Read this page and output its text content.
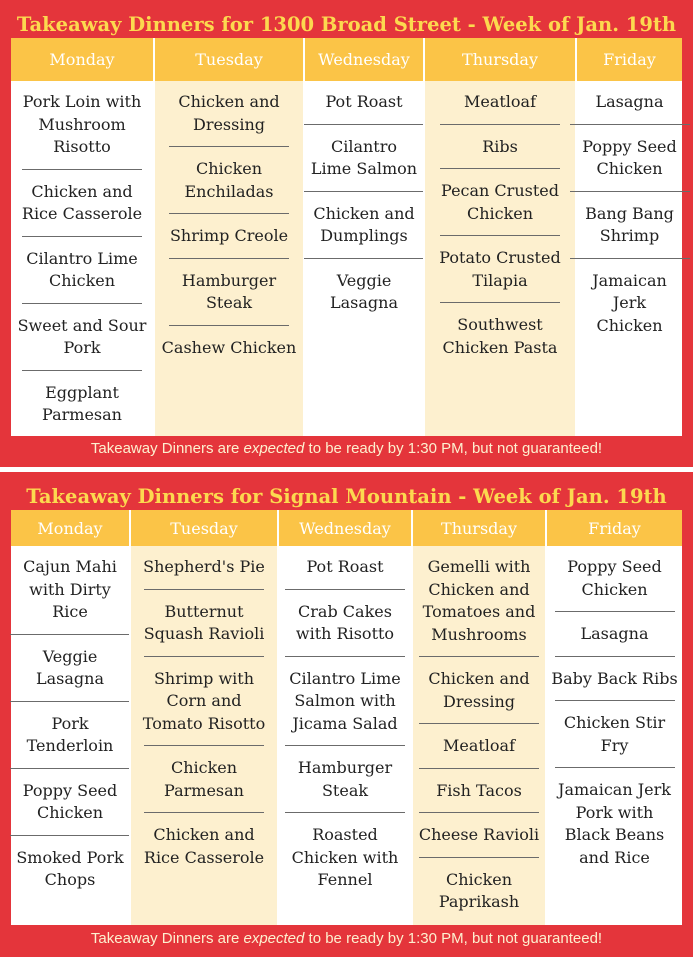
Takeaway Dinners for 1300 Broad Street - Week of Jan. 19th
Monday
Pork Loin with Mushroom Risotto
Chicken and Rice Casserole
Cilantro Lime Chicken
Sweet and Sour Pork
Eggplant Parmesan
Tuesday
Chicken and Dressing
Chicken Enchiladas
Shrimp Creole
Hamburger Steak
Cashew Chicken
Wednesday
Pot Roast
Cilantro Lime Salmon
Chicken and Dumplings
Veggie Lasagna
Thursday
Meatloaf
Ribs
Pecan Crusted Chicken
Potato Crusted Tilapia
Southwest Chicken Pasta
Friday
Lasagna
Poppy Seed Chicken
Bang Bang Shrimp
Jamaican Jerk Chicken

Takeaway Dinners are expected to be ready by 1:30 PM, but not guaranteed!

Takeaway Dinners for Signal Mountain - Week of Jan. 19th
Monday
Cajun Mahi with Dirty Rice
Veggie Lasagna
Pork Tenderloin
Poppy Seed Chicken
Smoked Pork Chops
Tuesday
Shepherd's Pie
Butternut Squash Ravioli
Shrimp with Corn and Tomato Risotto
Chicken Parmesan
Chicken and Rice Casserole
Wednesday
Pot Roast
Crab Cakes with Risotto
Cilantro Lime Salmon with Jicama Salad
Hamburger Steak
Roasted Chicken with Fennel
Thursday
Gemelli with Chicken and Tomatoes and Mushrooms
Chicken and Dressing
Meatloaf
Fish Tacos
Cheese Ravioli
Chicken Paprikash
Friday
Poppy Seed Chicken
Lasagna
Baby Back Ribs
Chicken Stir Fry
Jamaican Jerk Pork with Black Beans and Rice

Takeaway Dinners are expected to be ready by 1:30 PM, but not guaranteed!
